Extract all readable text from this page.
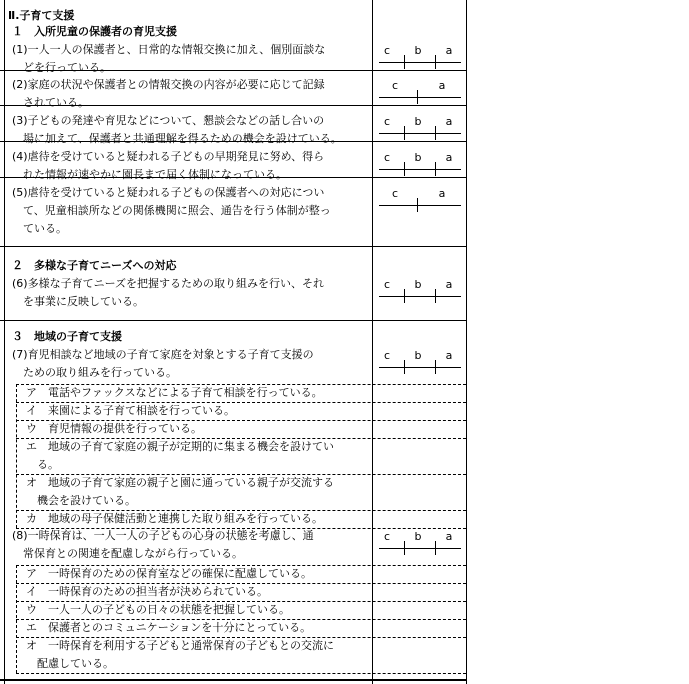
Ⅱ.子育て支援
１　入所児童の保護者の育児支援
(1)一人一人の保護者と、日常的な情報交換に加え、個別面談な
　どを行っている。
c b a
(2)家庭の状況や保護者との情報交換の内容が必要に応じて記録
　されている。
c	a
(3)子どもの発達や育児などについて、懇談会などの話し合いの
　場に加えて、保護者と共通理解を得るための機会を設けている。
c b a
(4)虐待を受けていると疑われる子どもの早期発見に努め、得ら
　れた情報が速やかに園長まで届く体制になっている。
c b a
(5)虐待を受けていると疑われる子どもの保護者への対応につい
　て、児童相談所などの関係機関に照会、通告を行う体制が整っ
　ている。
c	a
２　多様な子育てニーズへの対応
(6)多様な子育てニーズを把握するための取り組みを行い、それ
　を事業に反映している。
c b a
３　地域の子育て支援
(7)育児相談など地域の子育て家庭を対象とする子育て支援の
　ための取り組みを行っている。
c b a
ア　電話やファックスなどによる子育て相談を行っている。
イ　来園による子育て相談を行っている。
ウ　育児情報の提供を行っている。
エ　地域の子育て家庭の親子が定期的に集まる機会を設けてい
　る。
オ　地域の子育て家庭の親子と園に通っている親子が交流する
　機会を設けている。
カ　地域の母子保健活動と連携した取り組みを行っている。
(8)一時保育は、一人一人の子どもの心身の状態を考慮し、通
　常保育との関連を配慮しながら行っている。
c b a
ア　一時保育のための保育室などの確保に配慮している。
イ　一時保育のための担当者が決められている。
ウ　一人一人の子どもの日々の状態を把握している。
エ　保護者とのコミュニケーションを十分にとっている。
オ　一時保育を利用する子どもと通常保育の子どもとの交流に
　配慮している。
